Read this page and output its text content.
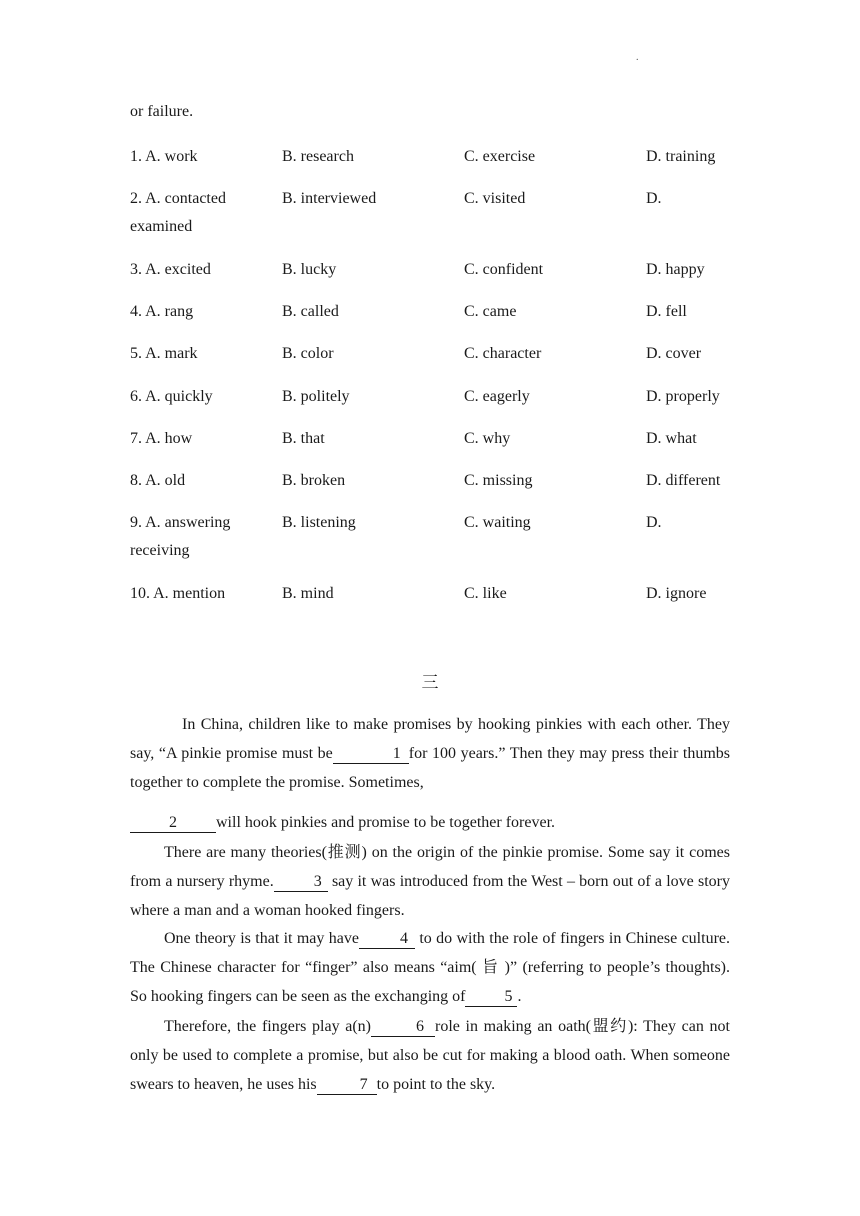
.
or failure.
1. A. work	B. research	C. exercise	D. training
2. A. contacted	B. interviewed	C. visited	D.
examined
3. A. excited	B. lucky	C. confident	D. happy
4. A. rang	B. called	C. came	D. fell
5. A. mark	B. color	C. character	D. cover
6. A. quickly	B. politely	C. eagerly	D. properly
7. A. how	B. that	C. why	D. what
8. A. old	B. broken	C. missing	D. different
9. A. answering	B. listening	C. waiting	D.
receiving
10. A. mention	B. mind	C. like	D. ignore
三

In China, children like to make promises by hooking pinkies with each other. They say, “A pinkie promise must be	1 for 100 years.” Then they may press their thumbs together to complete the promise. Sometimes,

2 will hook pinkies and promise to be together forever.

There are many theories(推测) on the origin of the pinkie promise. Some say it comes from a nursery rhyme.	3 say it was introduced from the West – born out of a love story where a man and a woman hooked fingers.

One theory is that it may have	4 to do with the role of fingers in Chinese culture. The Chinese character for “finger” also means “aim( 旨 )” (referring to people’s thoughts). So hooking fingers can be seen as the exchanging of 5 .

Therefore, the fingers play a(n)	6 role in making an oath(盟约): They can not only be used to complete a promise, but also be cut for making a blood oath. When someone swears to heaven, he uses his	7 to point to the sky.
